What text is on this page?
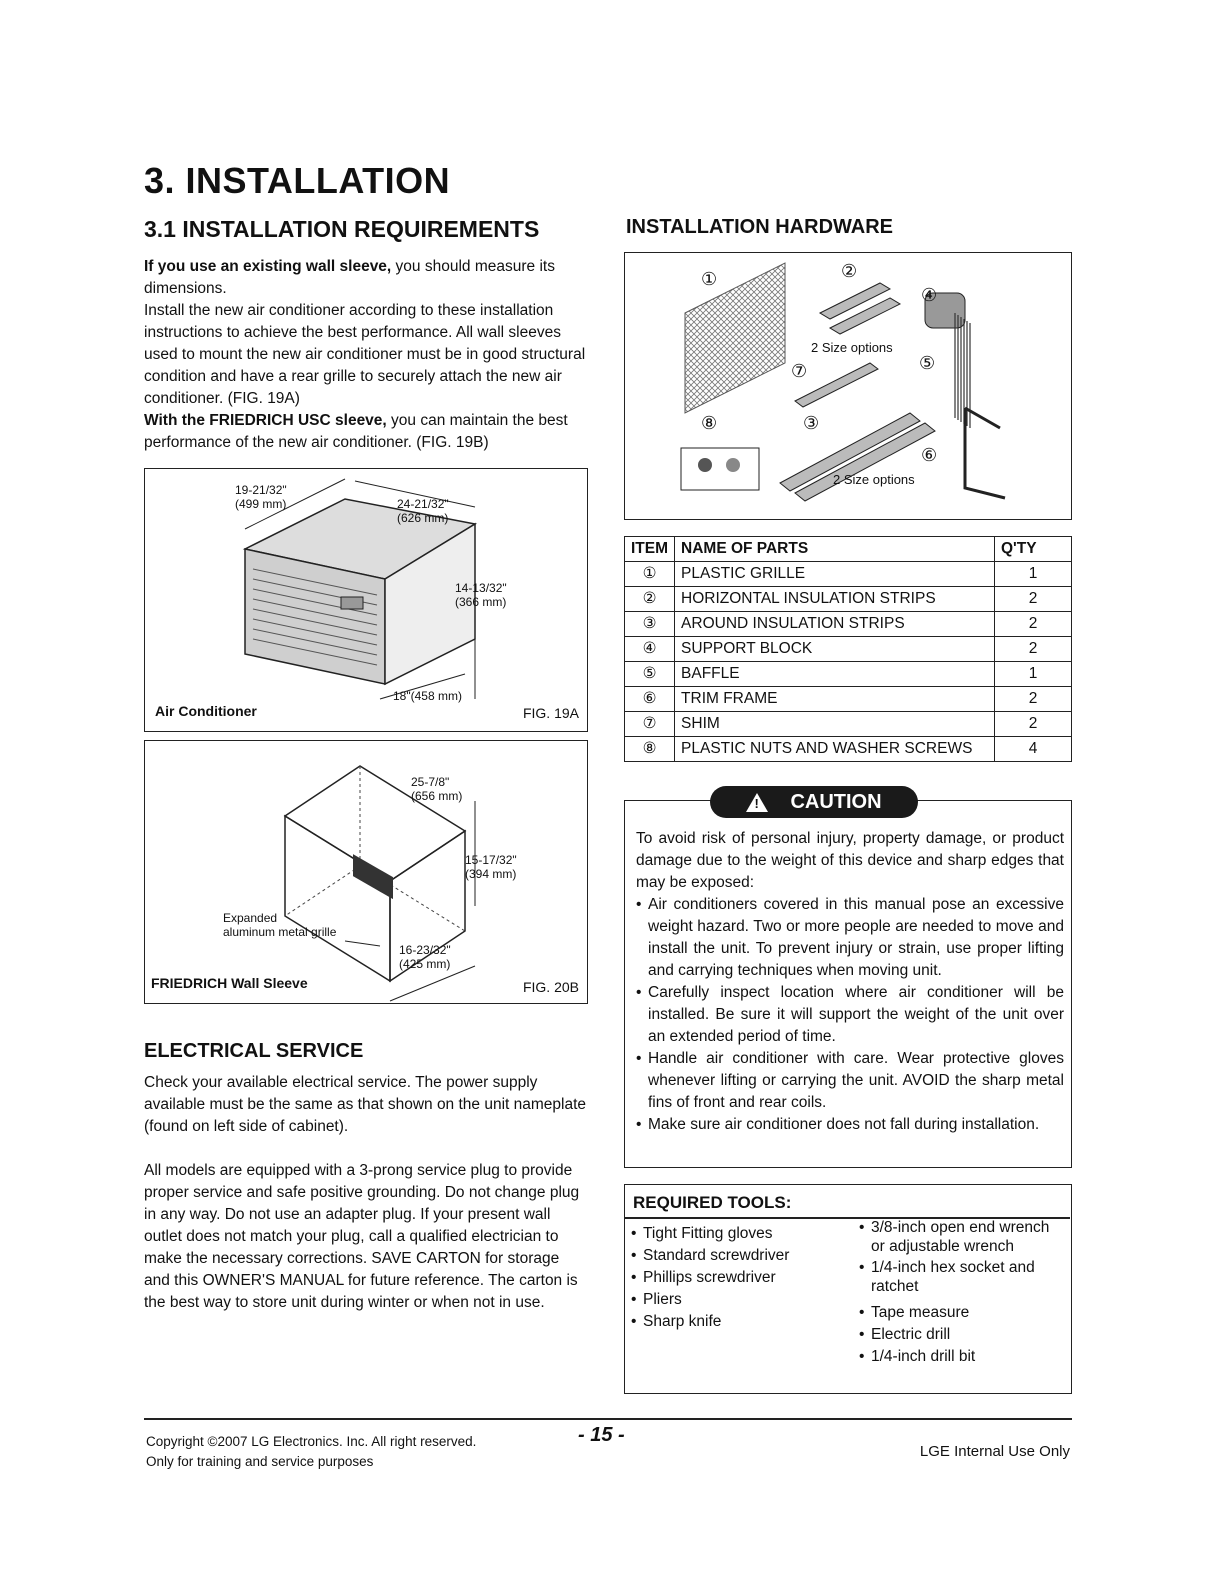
3. INSTALLATION
3.1 INSTALLATION REQUIREMENTS

If you use an existing wall sleeve, you should measure its dimensions.

Install the new air conditioner according to these installation instructions to achieve the best performance. All wall sleeves used to mount the new air conditioner must be in good structural condition and have a rear grille to securely attach the new air conditioner. (FIG. 19A)

With the FRIEDRICH USC sleeve, you can maintain the best performance of the new air conditioner. (FIG. 19B)

19-21/32"
(499 mm)	24-21/32"
(626 mm)
14-13/32"
(366 mm)
18"(458 mm)
Air Conditioner	FIG. 19A
25-7/8"
(656 mm)
15-17/32"
(394 mm)
16-23/32"
(425 mm)
Expanded
aluminum metal grille
FRIEDRICH Wall Sleeve	FIG. 20B
ELECTRICAL SERVICE

Check your available electrical service. The power supply available must be the same as that shown on the unit nameplate (found on left side of cabinet).

All models are equipped with a 3-prong service plug to provide proper service and safe positive grounding. Do not change plug in any way. Do not use an adapter plug. If your present wall outlet does not match your plug, call a qualified electrician to make the necessary corrections. SAVE CARTON for storage and this OWNER'S MANUAL for future reference. The carton is the best way to store unit during winter or when not in use.

INSTALLATION HARDWARE
①	②
④
⑤
⑦
⑧	③
⑥
2 Size options
2 Size options
ITEM	NAME OF PARTS	Q'TY
①	PLASTIC GRILLE	1
②	HORIZONTAL INSULATION STRIPS	2
③	AROUND INSULATION STRIPS	2
④	SUPPORT BLOCK	2
⑤	BAFFLE	1
⑥	TRIM FRAME	2
⑦	SHIM	2
⑧	PLASTIC NUTS AND WASHER SCREWS	4
! CAUTION

To avoid risk of personal injury, property damage, or product damage due to the weight of this device and sharp edges that may be exposed:

• Air conditioners covered in this manual pose an excessive weight hazard. Two or more people are needed to move and install the unit. To prevent injury or strain, use proper lifting and carrying techniques when moving unit.
• Carefully inspect location where air conditioner will be installed. Be sure it will support the weight of the unit over an extended period of time.
• Handle air conditioner with care. Wear protective gloves whenever lifting or carrying the unit. AVOID the sharp metal fins of front and rear coils.
• Make sure air conditioner does not fall during installation.
REQUIRED TOOLS:
• Tight Fitting gloves
• Standard screwdriver
• Phillips screwdriver
• Pliers
• Sharp knife
• 3/8-inch open end wrench or adjustable wrench
• 1/4-inch hex socket and ratchet
• Tape measure
• Electric drill
• 1/4-inch drill bit
Copyright ©2007 LG Electronics. Inc. All right reserved.
Only for training and service purposes
- 15 -
LGE Internal Use Only
